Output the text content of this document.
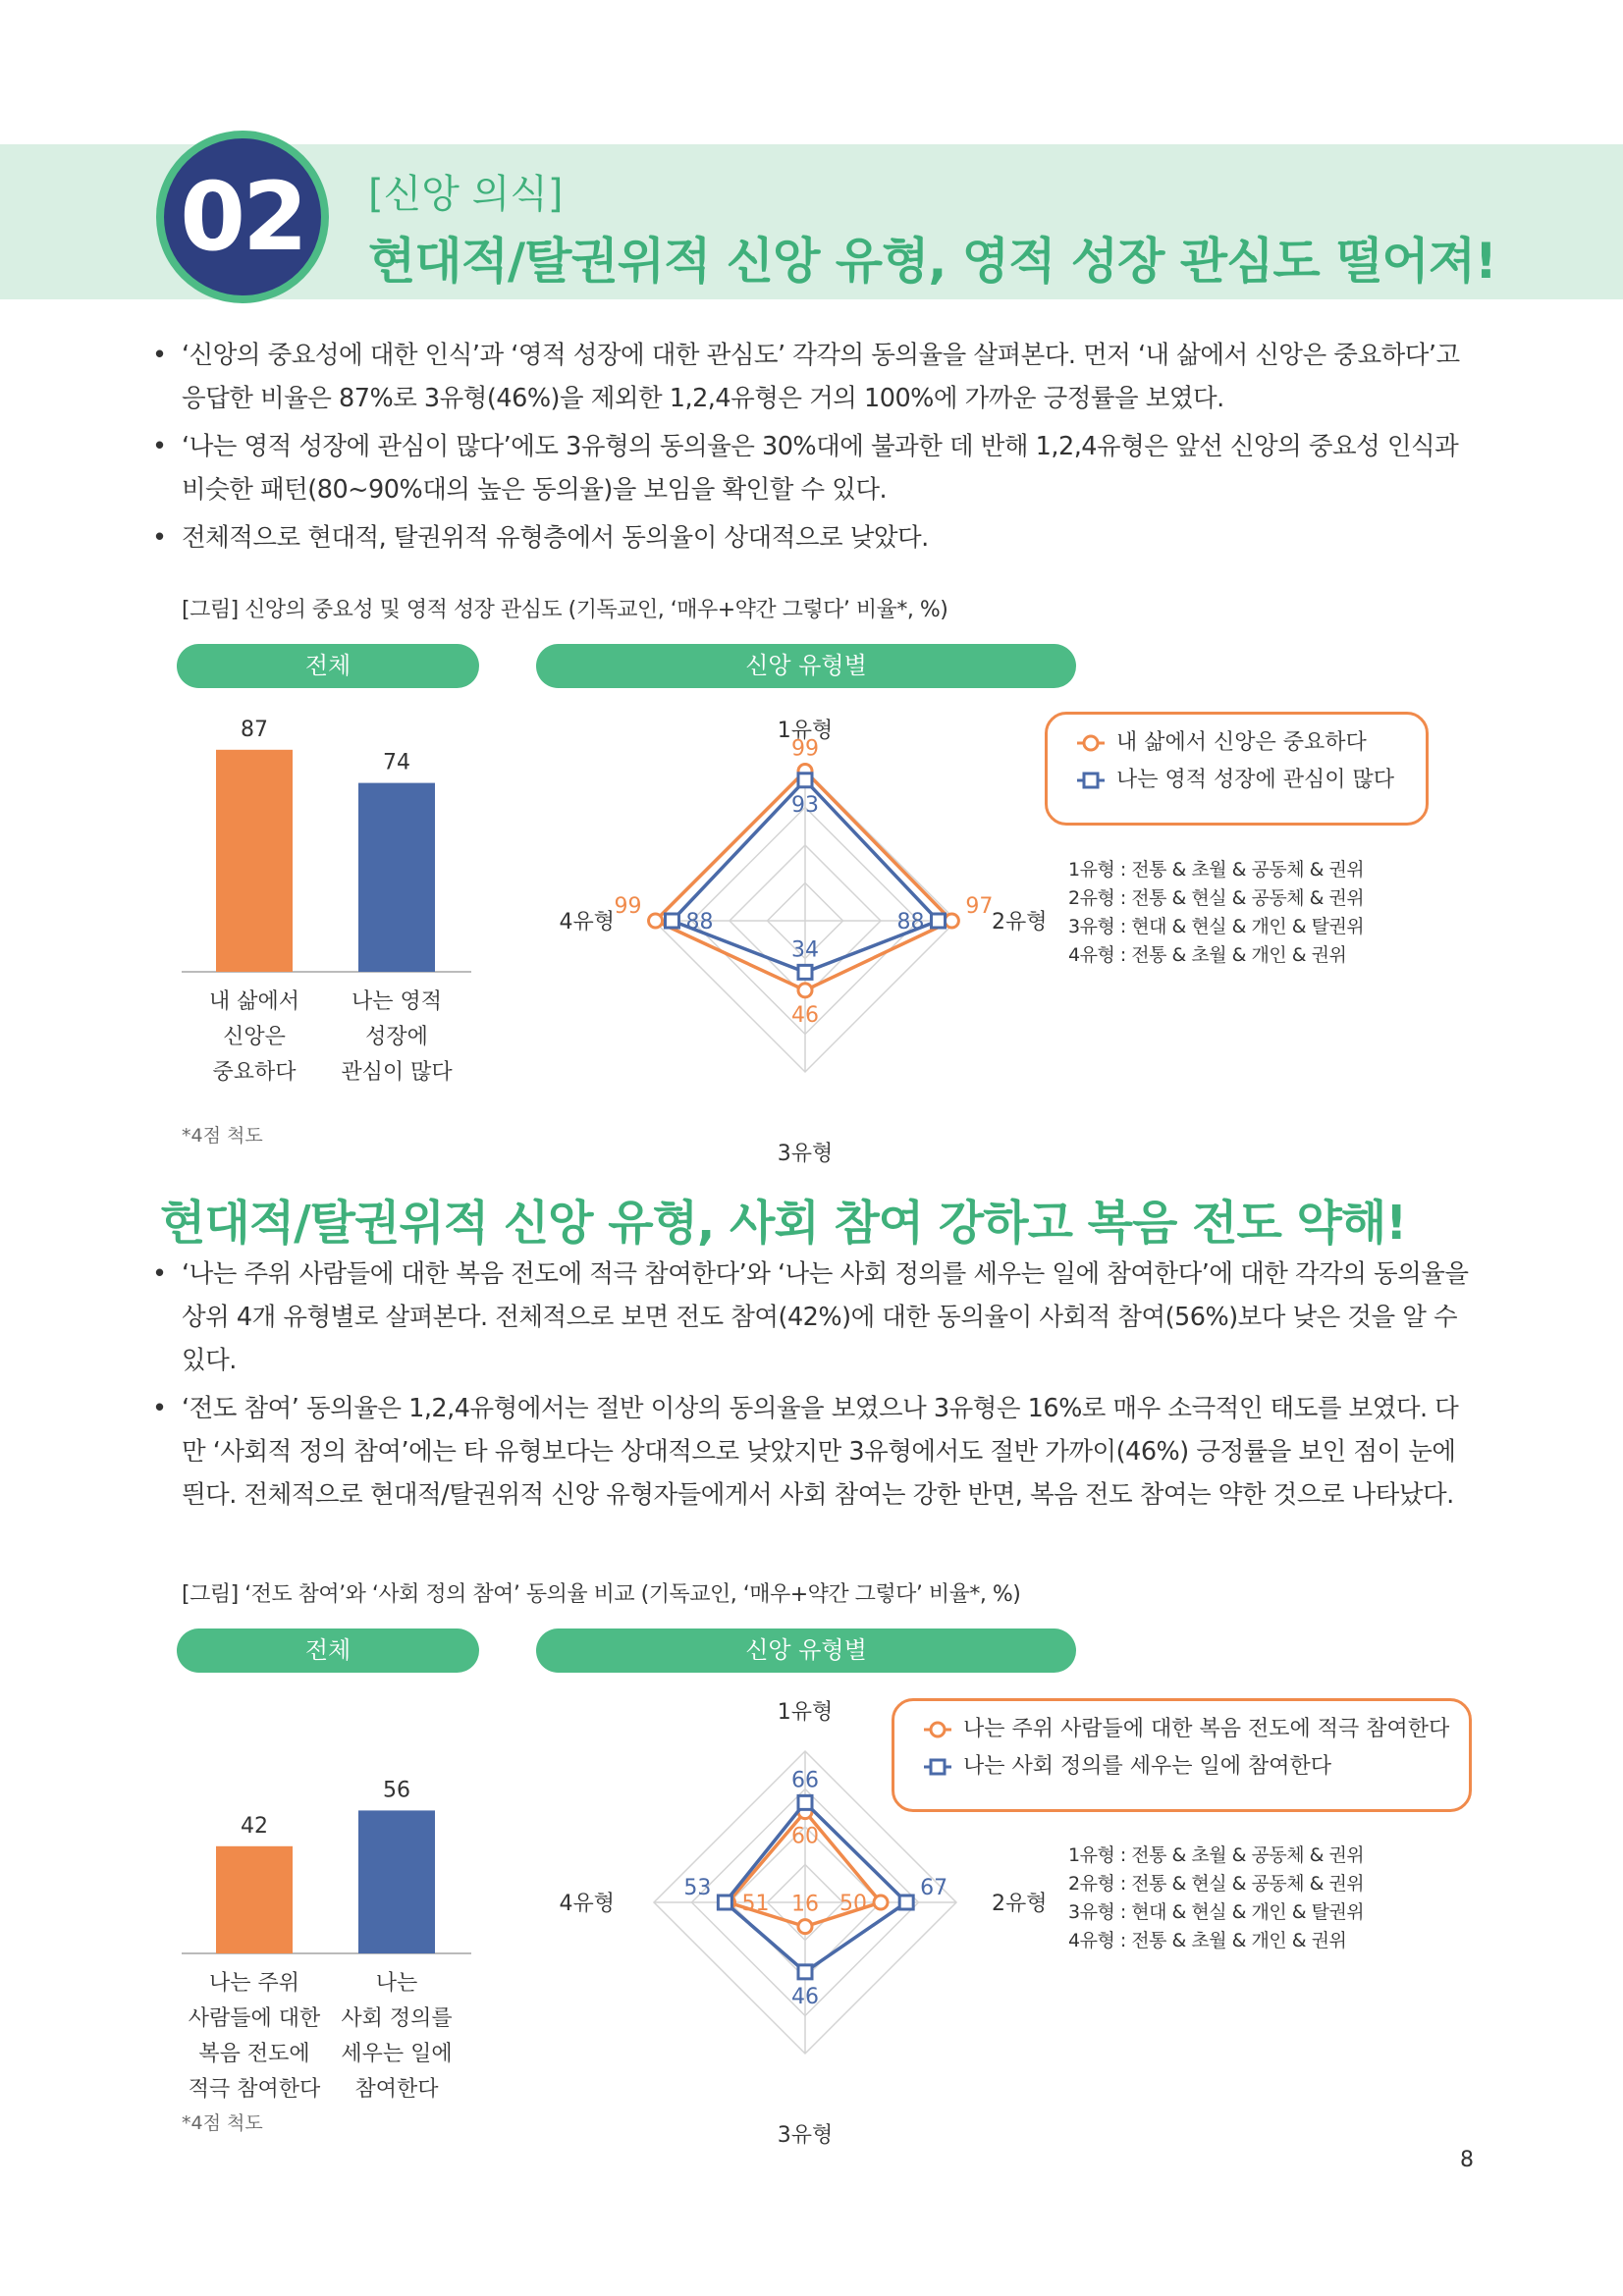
02	[신앙 의식]
현대적/탈권위적 신앙 유형, 영적 성장 관심도 떨어져!
• ‘신앙의 중요성에 대한 인식’과 ‘영적 성장에 대한 관심도’ 각각의 동의율을 살펴본다. 먼저 ‘내 삶에서 신앙은 중요하다’고 응답한 비율은 87%로 3유형(46%)을 제외한 1,2,4유형은 거의 100%에 가까운 긍정률을 보였다.
• ‘나는 영적 성장에 관심이 많다’에도 3유형의 동의율은 30%대에 불과한 데 반해 1,2,4유형은 앞선 신앙의 중요성 인식과 비슷한 패턴(80~90%대의 높은 동의율)을 보임을 확인할 수 있다.
• 전체적으로 현대적, 탈권위적 유형층에서 동의율이 상대적으로 낮았다.
[그림] 신앙의 중요성 및 영적 성장 관심도 (기독교인, ‘매우+약간 그렇다’ 비율*, %)
전체	신앙 유형별
87
내 삶에서
신앙은
중요하다
74
나는 영적
성장에
관심이 많다
*4점 척도
1유형
2유형
3유형
4유형
99
93
97
88
46
34
99
88
내 삶에서 신앙은 중요하다
나는 영적 성장에 관심이 많다
1유형 : 전통 & 초월 & 공동체 & 권위
2유형 : 전통 & 현실 & 공동체 & 권위
3유형 : 현대 & 현실 & 개인 & 탈권위
4유형 : 전통 & 초월 & 개인 & 권위
현대적/탈권위적 신앙 유형, 사회 참여 강하고 복음 전도 약해!
• ‘나는 주위 사람들에 대한 복음 전도에 적극 참여한다’와 ‘나는 사회 정의를 세우는 일에 참여한다’에 대한 각각의 동의율을 상위 4개 유형별로 살펴본다. 전체적으로 보면 전도 참여(42%)에 대한 동의율이 사회적 참여(56%)보다 낮은 것을 알 수 있다.
• ‘전도 참여’ 동의율은 1,2,4유형에서는 절반 이상의 동의율을 보였으나 3유형은 16%로 매우 소극적인 태도를 보였다. 다만 ‘사회적 정의 참여’에는 타 유형보다는 상대적으로 낮았지만 3유형에서도 절반 가까이(46%) 긍정률을 보인 점이 눈에 띈다. 전체적으로 현대적/탈권위적 신앙 유형자들에게서 사회 참여는 강한 반면, 복음 전도 참여는 약한 것으로 나타났다.
[그림] ‘전도 참여’와 ‘사회 정의 참여’ 동의율 비교 (기독교인, ‘매우+약간 그렇다’ 비율*, %)
전체	신앙 유형별
42
나는 주위
사람들에 대한
복음 전도에
적극 참여한다
56
나는
사회 정의를
세우는 일에
참여한다
*4점 척도
1유형
2유형
3유형
4유형
60
66
50
67
16
46
51
53
나는 주위 사람들에 대한 복음 전도에 적극 참여한다
나는 사회 정의를 세우는 일에 참여한다
1유형 : 전통 & 초월 & 공동체 & 권위
2유형 : 전통 & 현실 & 공동체 & 권위
3유형 : 현대 & 현실 & 개인 & 탈권위
4유형 : 전통 & 초월 & 개인 & 권위
8
